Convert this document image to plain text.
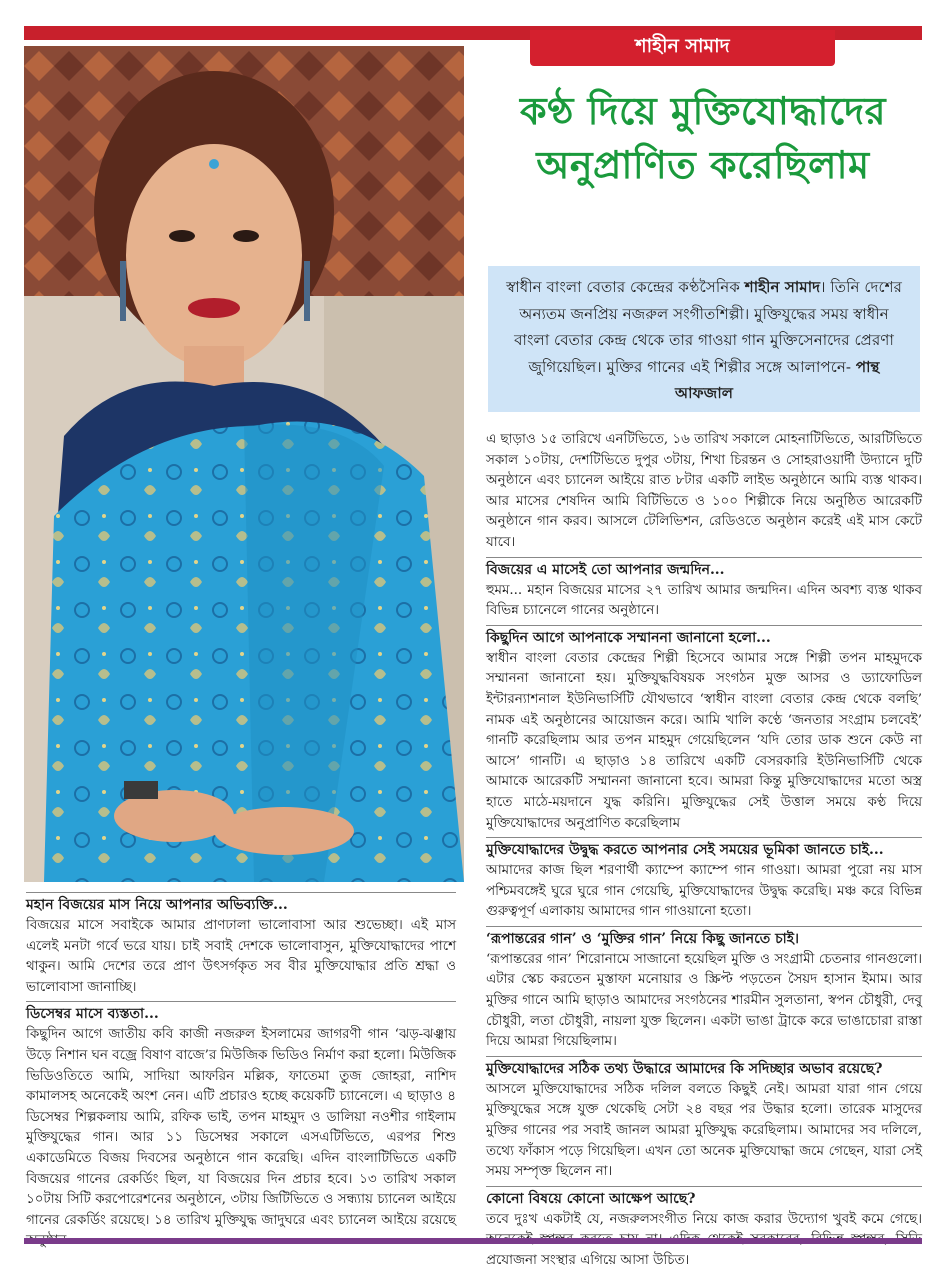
শাহীন সামাদ
কণ্ঠ দিয়ে মুক্তিযোদ্ধাদের
অনুপ্রাণিত করেছিলাম
স্বাধীন বাংলা বেতার কেন্দ্রের কণ্ঠসৈনিক শাহীন সামাদ। তিনি দেশের অন্যতম জনপ্রিয় নজরুল সংগীতশিল্পী। মুক্তিযুদ্ধের সময় স্বাধীন বাংলা বেতার কেন্দ্র থেকে তার গাওয়া গান মুক্তিসেনাদের প্রেরণা জুগিয়েছিল। মুক্তির গানের এই শিল্পীর সঙ্গে আলাপনে- পান্থ আফজাল
মহান বিজয়ের মাস নিয়ে আপনার অভিব্যক্তি...

বিজয়ের মাসে সবাইকে আমার প্রাণঢালা ভালোবাসা আর শুভেচ্ছা। এই মাস এলেই মনটা গর্বে ভরে যায়। চাই সবাই দেশকে ভালোবাসুন, মুক্তিযোদ্ধাদের পাশে থাকুন। আমি দেশের তরে প্রাণ উৎসর্গকৃত সব বীর মুক্তিযোদ্ধার প্রতি শ্রদ্ধা ও ভালোবাসা জানাচ্ছি।

ডিসেম্বর মাসে ব্যস্ততা...

কিছুদিন আগে জাতীয় কবি কাজী নজরুল ইসলামের জাগরণী গান ‘ঝড়-ঝঞ্ঝায় উড়ে নিশান ঘন বজ্রে বিষাণ বাজে’র মিউজিক ভিডিও নির্মাণ করা হলো। মিউজিক ভিডিওতিতে আমি, সাদিয়া আফরিন মল্লিক, ফাতেমা তুজ জোহরা, নাশিদ কামালসহ অনেকেই অংশ নেন। এটি প্রচারও হচ্ছে কয়েকটি চ্যানেলে। এ ছাড়াও ৪ ডিসেম্বর শিল্পকলায় আমি, রফিক ভাই, তপন মাহমুদ ও ডালিয়া নওশীর গাইলাম মুক্তিযুদ্ধের গান। আর ১১ ডিসেম্বর সকালে এসএটিভিতে, এরপর শিশু একাডেমিতে বিজয় দিবসের অনুষ্ঠানে গান করেছি। এদিন বাংলাটিভিতে একটি বিজয়ের গানের রেকর্ডিং ছিল, যা বিজয়ের দিন প্রচার হবে। ১৩ তারিখ সকাল ১০টায় সিটি করপোরেশনের অনুষ্ঠানে, ৩টায় জিটিভিতে ও সন্ধ্যায় চ্যানেল আইয়ে গানের রেকর্ডিং রয়েছে। ১৪ তারিখ মুক্তিযুদ্ধ জাদুঘরে এবং চ্যানেল আইয়ে রয়েছে

এ ছাড়াও ১৫ তারিখে এনটিভিতে, ১৬ তারিখ সকালে মোহনাটিভিতে, আরটিভিতে সকাল ১০টায়, দেশটিভিতে দুপুর ৩টায়, শিখা চিরন্তন ও সোহরাওয়ার্দী উদ্যানে দুটি অনুষ্ঠানে এবং চ্যানেল আইয়ে রাত ৮টার একটি লাইভ অনুষ্ঠানে আমি ব্যস্ত থাকব। আর মাসের শেষদিন আমি বিটিভিতে ও ১০০ শিল্পীকে নিয়ে অনুষ্ঠিত আরেকটি অনুষ্ঠানে গান করব। আসলে টেলিভিশন, রেডিওতে অনুষ্ঠান করেই এই মাস কেটে যাবে।

বিজয়ের এ মাসেই তো আপনার জন্মদিন...

হুমম... মহান বিজয়ের মাসের ২৭ তারিখ আমার জন্মদিন। এদিন অবশ্য ব্যস্ত থাকব বিভিন্ন চ্যানেলে গানের অনুষ্ঠানে।

কিছুদিন আগে আপনাকে সম্মাননা জানানো হলো...

স্বাধীন বাংলা বেতার কেন্দ্রের শিল্পী হিসেবে আমার সঙ্গে শিল্পী তপন মাহমুদকে সম্মাননা জানানো হয়। মুক্তিযুদ্ধবিষয়ক সংগঠন মুক্ত আসর ও ড্যাফোডিল ইন্টারন্যাশনাল ইউনিভার্সিটি যৌথভাবে ‘স্বাধীন বাংলা বেতার কেন্দ্র থেকে বলছি’ নামক এই অনুষ্ঠানের আয়োজন করে। আমি খালি কণ্ঠে ‘জনতার সংগ্রাম চলবেই’ গানটি করেছিলাম আর তপন মাহমুদ গেয়েছিলেন ‘যদি তোর ডাক শুনে কেউ না আসে’ গানটি। এ ছাড়াও ১৪ তারিখে একটি বেসরকারি ইউনিভার্সিটি থেকে আমাকে আরেকটি সম্মাননা জানানো হবে। আমরা কিন্তু মুক্তিযোদ্ধাদের মতো অস্ত্র হাতে মাঠে-ময়দানে যুদ্ধ করিনি। মুক্তিযুদ্ধের সেই উত্তাল সময়ে কণ্ঠ দিয়ে মুক্তিযোদ্ধাদের অনুপ্রাণিত করেছিলাম

মুক্তিযোদ্ধাদের উদ্বুদ্ধ করতে আপনার সেই সময়ের ভূমিকা জানতে চাই...

আমাদের কাজ ছিল শরণার্থী ক্যাম্পে ক্যাম্পে গান গাওয়া। আমরা পুরো নয় মাস পশ্চিমবঙ্গেই ঘুরে ঘুরে গান গেয়েছি, মুক্তিযোদ্ধাদের উদ্বুদ্ধ করেছি। মঞ্চ করে বিভিন্ন গুরুত্বপূর্ণ এলাকায় আমাদের গান গাওয়ানো হতো।

‘রূপান্তরের গান’ ও ‘মুক্তির গান’ নিয়ে কিছু জানতে চাই।

‘রূপান্তরের গান’ শিরোনামে সাজানো হয়েছিল মুক্তি ও সংগ্রামী চেতনার গানগুলো। এটার স্কেচ করতেন মুস্তাফা মনোয়ার ও স্ক্রিপ্ট পড়তেন সৈয়দ হাসান ইমাম। আর মুক্তির গানে আমি ছাড়াও আমাদের সংগঠনের শারমীন সুলতানা, স্বপন চৌধুরী, দেবু চৌধুরী, লতা চৌধুরী, নায়লা যুক্ত ছিলেন। একটা ভাঙা ট্রাকে করে ভাঙাচোরা রাস্তা দিয়ে আমরা গিয়েছিলাম।

মুক্তিযোদ্ধাদের সঠিক তথ্য উদ্ধারে আমাদের কি সদিচ্ছার অভাব রয়েছে?

আসলে মুক্তিযোদ্ধাদের সঠিক দলিল বলতে কিছুই নেই। আমরা যারা গান গেয়ে মুক্তিযুদ্ধের সঙ্গে যুক্ত থেকেছি সেটা ২৪ বছর পর উদ্ধার হলো। তারেক মাসুদের মুক্তির গানের পর সবাই জানল আমরা মুক্তিযুদ্ধ করেছিলাম। আমাদের সব দলিলে, তথ্যে ফাঁকাস পড়ে গিয়েছিল। এখন তো অনেক মুক্তিযোদ্ধা জমে গেছেন, যারা সেই সময় সম্পৃক্ত ছিলেন না।

কোনো বিষয়ে কোনো আক্ষেপ আছে?

তবে দুঃখ একটাই যে, নজরুলসংগীত নিয়ে কাজ করার উদ্যোগ খুবই কমে গেছে। প্রযোজনা সংস্থার এগিয়ে আসা উচিত।
